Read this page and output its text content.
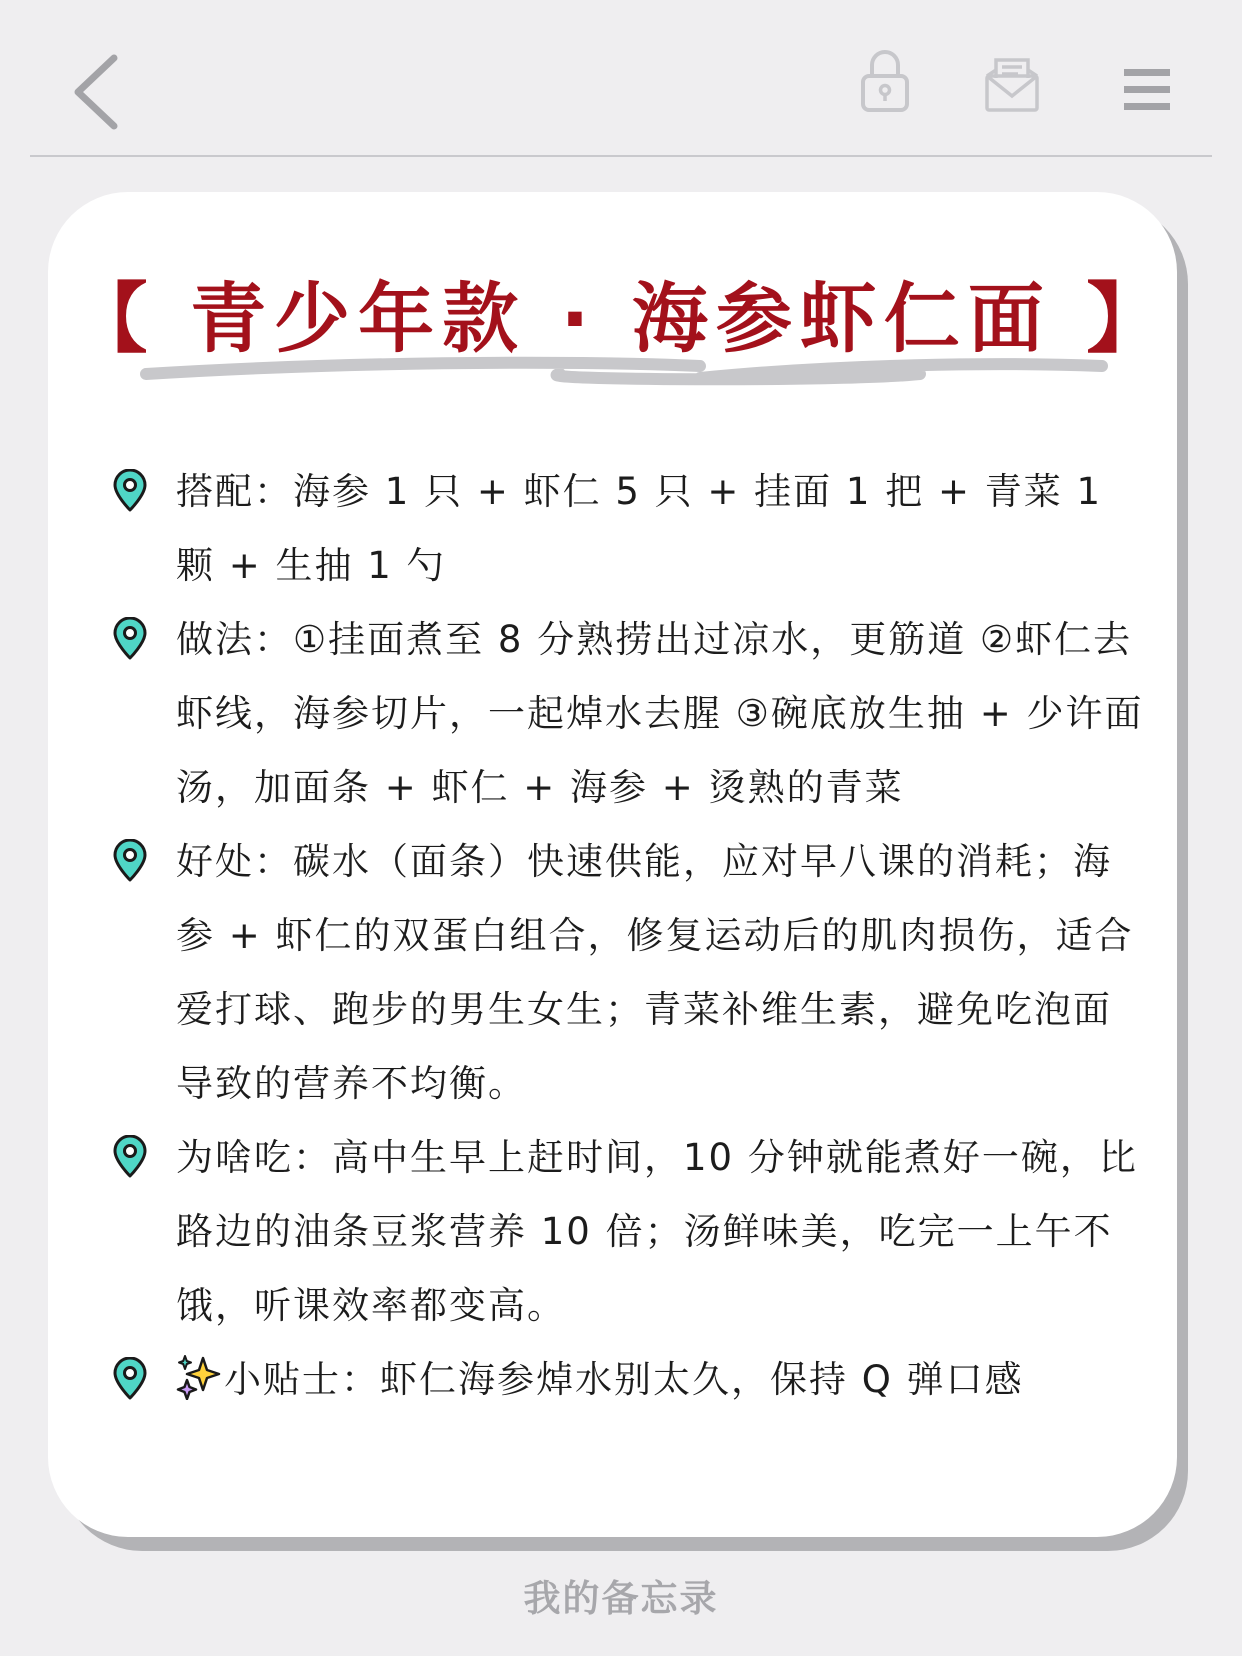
【 青少年款 · 海参虾仁面 】

搭配：海参 1 只 + 虾仁 5 只 + 挂面 1 把 + 青菜 1 颗 + 生抽 1 勺

做法：①挂面煮至 8 分熟捞出过凉水，更筋道 ②虾仁去虾线，海参切片，一起焯水去腥 ③碗底放生抽 + 少许面汤，加面条 + 虾仁 + 海参 + 烫熟的青菜

好处：碳水（面条）快速供能，应对早八课的消耗；海参 + 虾仁的双蛋白组合，修复运动后的肌肉损伤，适合爱打球、跑步的男生女生；青菜补维生素，避免吃泡面导致的营养不均衡。

为啥吃：高中生早上赶时间，10 分钟就能煮好一碗，比路边的油条豆浆营养 10 倍；汤鲜味美，吃完一上午不饿，听课效率都变高。

小贴士：虾仁海参焯水别太久，保持 Q 弹口感

我的备忘录
